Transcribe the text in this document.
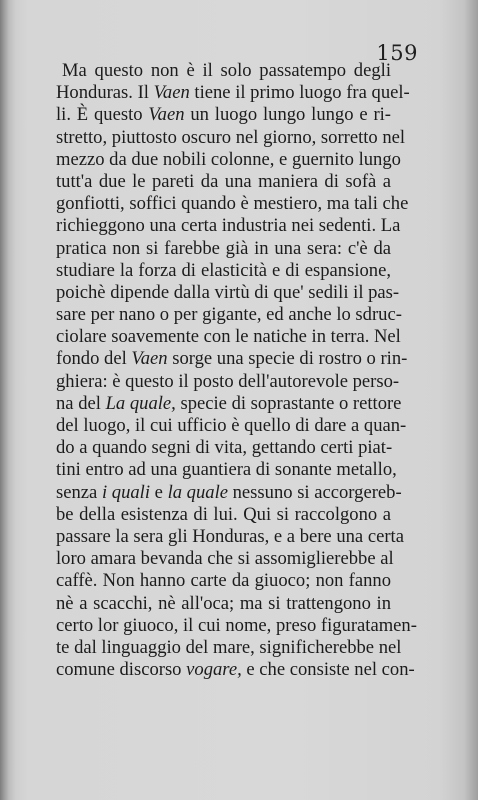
159
Ma questo non è il solo passatempo degli
Honduras. Il Vaen tiene il primo luogo fra quel-
li. È questo Vaen un luogo lungo lungo e ri-
stretto, piuttosto oscuro nel giorno, sorretto nel
mezzo da due nobili colonne, e guernito lungo
tutt'a due le pareti da una maniera di sofà a
gonfiotti, soffici quando è mestiero, ma tali che
richieggono una certa industria nei sedenti. La
pratica non si farebbe già in una sera: c'è da
studiare la forza di elasticità e di espansione,
poichè dipende dalla virtù di que' sedili il pas-
sare per nano o per gigante, ed anche lo sdruc-
ciolare soavemente con le natiche in terra. Nel
fondo del Vaen sorge una specie di rostro o rin-
ghiera: è questo il posto dell'autorevole perso-
na del La quale, specie di soprastante o rettore
del luogo, il cui ufficio è quello di dare a quan-
do a quando segni di vita, gettando certi piat-
tini entro ad una guantiera di sonante metallo,
senza i quali e la quale nessuno si accorgereb-
be della esistenza di lui. Qui si raccolgono a
passare la sera gli Honduras, e a bere una certa
loro amara bevanda che si assomiglierebbe al
caffè. Non hanno carte da giuoco; non fanno
nè a scacchi, nè all'oca; ma si trattengono in
certo lor giuoco, il cui nome, preso figuratamen-
te dal linguaggio del mare, significherebbe nel
comune discorso vogare, e che consiste nel con-
